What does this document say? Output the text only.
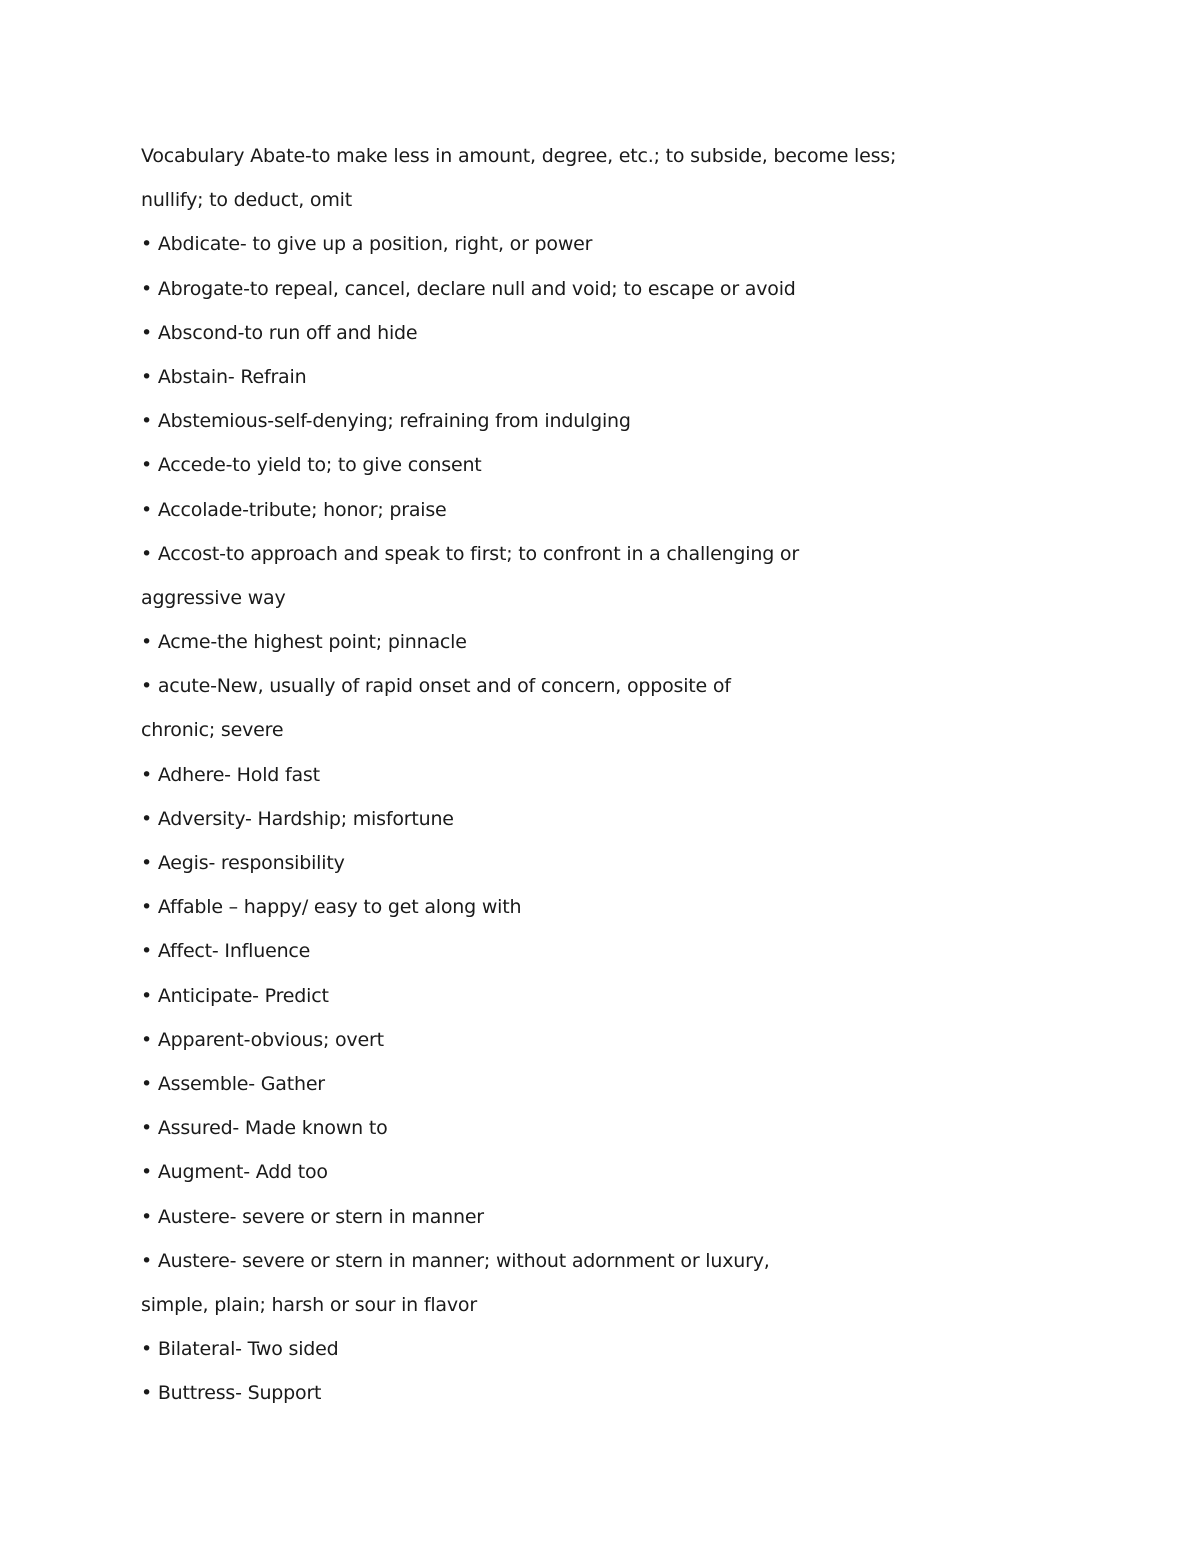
Vocabulary Abate-to make less in amount, degree, etc.; to subside, become less;
nullify; to deduct, omit
• Abdicate- to give up a position, right, or power
• Abrogate-to repeal, cancel, declare null and void; to escape or avoid
• Abscond-to run off and hide
• Abstain- Refrain
• Abstemious-self-denying; refraining from indulging
• Accede-to yield to; to give consent
• Accolade-tribute; honor; praise
• Accost-to approach and speak to first; to confront in a challenging or
aggressive way
• Acme-the highest point; pinnacle
• acute-New, usually of rapid onset and of concern, opposite of
chronic; severe
• Adhere- Hold fast
• Adversity- Hardship; misfortune
• Aegis- responsibility
• Affable – happy/ easy to get along with
• Affect- Influence
• Anticipate- Predict
• Apparent-obvious; overt
• Assemble- Gather
• Assured- Made known to
• Augment- Add too
• Austere- severe or stern in manner
• Austere- severe or stern in manner; without adornment or luxury,
simple, plain; harsh or sour in flavor
• Bilateral- Two sided
• Buttress- Support
